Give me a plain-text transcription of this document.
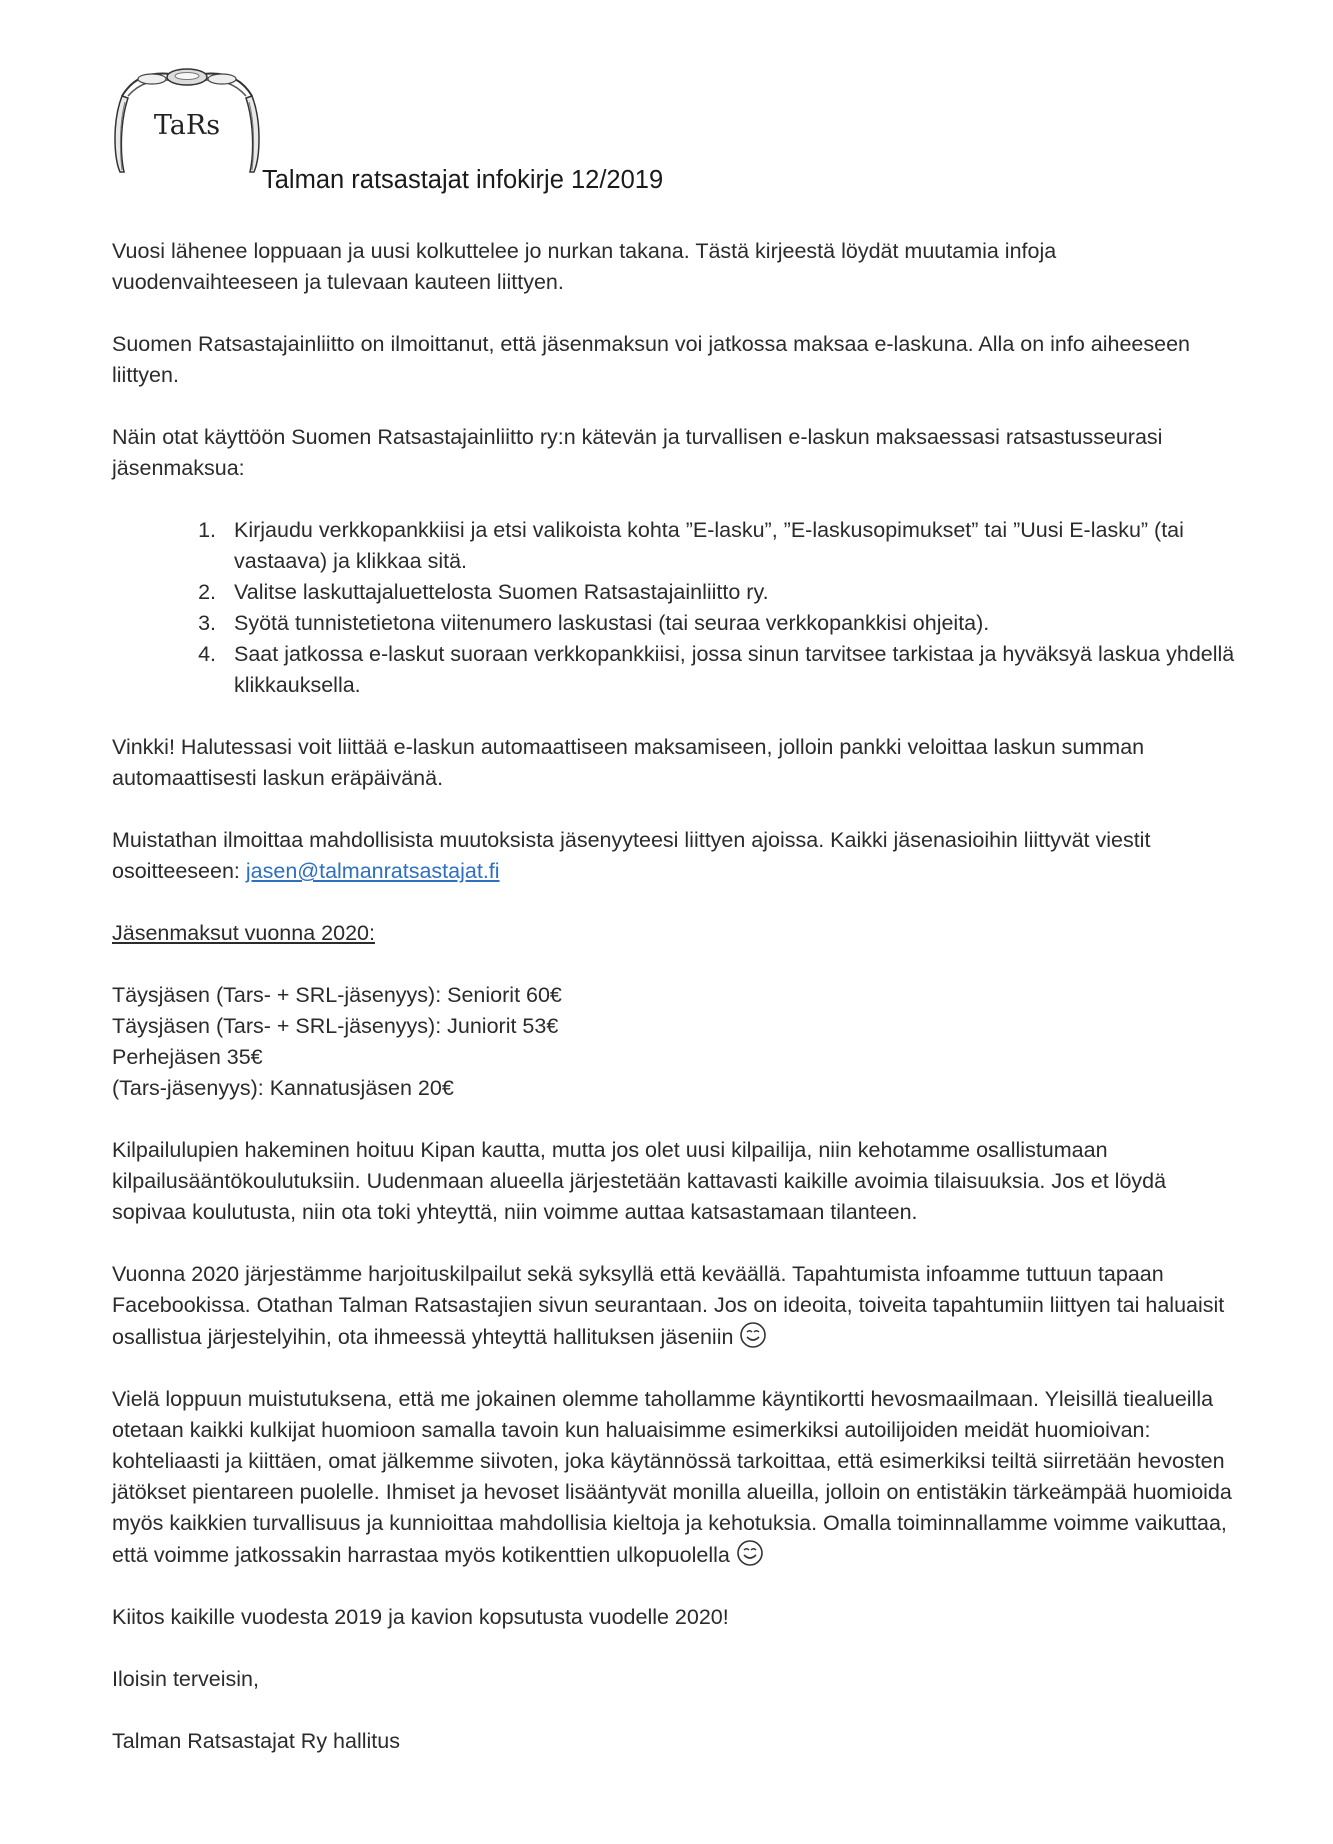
TaRs
Talman ratsastajat infokirje 12/2019

Vuosi lähenee loppuaan ja uusi kolkuttelee jo nurkan takana. Tästä kirjeestä löydät muutamia infoja vuodenvaihteeseen ja tulevaan kauteen liittyen.

Suomen Ratsastajainliitto on ilmoittanut, että jäsenmaksun voi jatkossa maksaa e-laskuna. Alla on info aiheeseen liittyen.

Näin otat käyttöön Suomen Ratsastajainliitto ry:n kätevän ja turvallisen e-laskun maksaessasi ratsastusseurasi jäsenmaksua:

1. Kirjaudu verkkopankkiisi ja etsi valikoista kohta ”E-lasku”, ”E-laskusopimukset” tai ”Uusi E-lasku” (tai vastaava) ja klikkaa sitä.
2. Valitse laskuttajaluettelosta Suomen Ratsastajainliitto ry.
3. Syötä tunnistetietona viitenumero laskustasi (tai seuraa verkkopankkisi ohjeita).
4. Saat jatkossa e-laskut suoraan verkkopankkiisi, jossa sinun tarvitsee tarkistaa ja hyväksyä laskua yhdellä klikkauksella.

Vinkki! Halutessasi voit liittää e-laskun automaattiseen maksamiseen, jolloin pankki veloittaa laskun summan automaattisesti laskun eräpäivänä.

Muistathan ilmoittaa mahdollisista muutoksista jäsenyyteesi liittyen ajoissa. Kaikki jäsenasioihin liittyvät viestit osoitteeseen: jasen@talmanratsastajat.fi

Jäsenmaksut vuonna 2020:

Täysjäsen (Tars- + SRL-jäsenyys): Seniorit 60€
Täysjäsen (Tars- + SRL-jäsenyys): Juniorit 53€
Perhejäsen 35€
(Tars-jäsenyys): Kannatusjäsen 20€

Kilpailulupien hakeminen hoituu Kipan kautta, mutta jos olet uusi kilpailija, niin kehotamme osallistumaan kilpailusääntökoulutuksiin. Uudenmaan alueella järjestetään kattavasti kaikille avoimia tilaisuuksia. Jos et löydä sopivaa koulutusta, niin ota toki yhteyttä, niin voimme auttaa katsastamaan tilanteen.

Vuonna 2020 järjestämme harjoituskilpailut sekä syksyllä että keväällä. Tapahtumista infoamme tuttuun tapaan Facebookissa. Otathan Talman Ratsastajien sivun seurantaan. Jos on ideoita, toiveita tapahtumiin liittyen tai haluaisit osallistua järjestelyihin, ota ihmeessä yhteyttä hallituksen jäseniin

Vielä loppuun muistutuksena, että me jokainen olemme tahollamme käyntikortti hevosmaailmaan. Yleisillä tiealueilla otetaan kaikki kulkijat huomioon samalla tavoin kun haluaisimme esimerkiksi autoilijoiden meidät huomioivan: kohteliaasti ja kiittäen, omat jälkemme siivoten, joka käytännössä tarkoittaa, että esimerkiksi teiltä siirretään hevosten jätökset pientareen puolelle. Ihmiset ja hevoset lisääntyvät monilla alueilla, jolloin on entistäkin tärkeämpää huomioida myös kaikkien turvallisuus ja kunnioittaa mahdollisia kieltoja ja kehotuksia. Omalla toiminnallamme voimme vaikuttaa, että voimme jatkossakin harrastaa myös kotikenttien ulkopuolella

Kiitos kaikille vuodesta 2019 ja kavion kopsutusta vuodelle 2020!

Iloisin terveisin,

Talman Ratsastajat Ry hallitus
